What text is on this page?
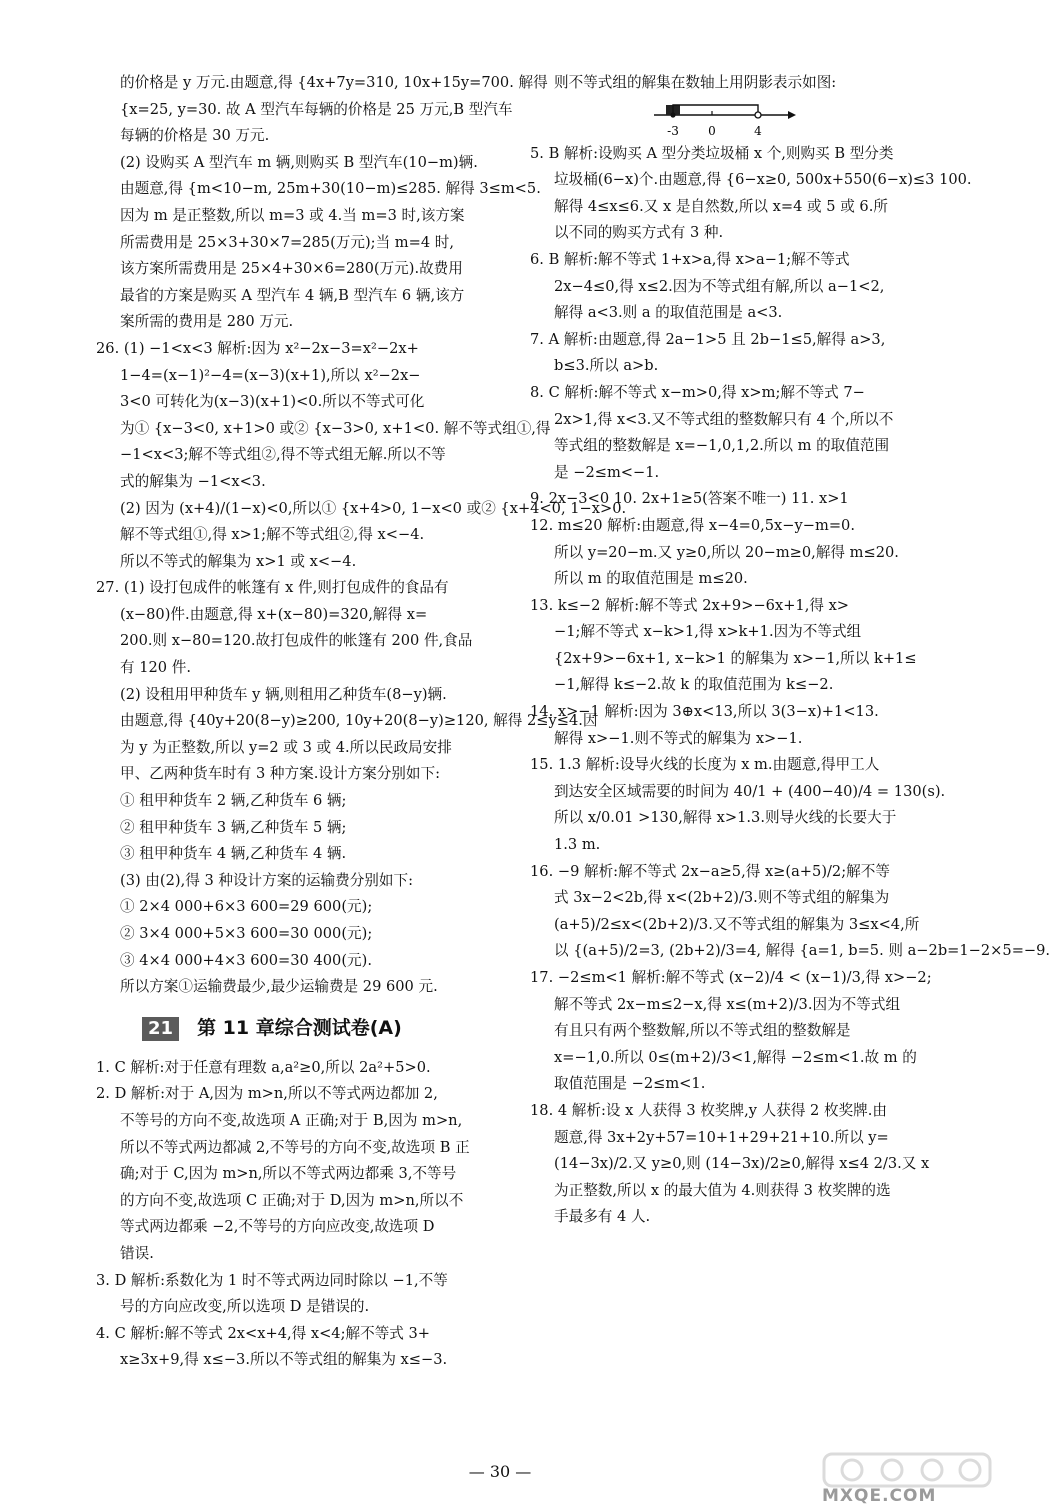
的价格是 y 万元.由题意,得 {4x+7y=310, 10x+15y=700. 解得

{x=25, y=30. 故 A 型汽车每辆的价格是 25 万元,B 型汽车

每辆的价格是 30 万元.

(2) 设购买 A 型汽车 m 辆,则购买 B 型汽车(10−m)辆.

由题意,得 {m<10−m, 25m+30(10−m)≤285. 解得 3≤m<5.

因为 m 是正整数,所以 m=3 或 4.当 m=3 时,该方案

所需费用是 25×3+30×7=285(万元);当 m=4 时,

该方案所需费用是 25×4+30×6=280(万元).故费用

最省的方案是购买 A 型汽车 4 辆,B 型汽车 6 辆,该方

案所需的费用是 280 万元.

26. (1) −1<x<3 解析:因为 x²−2x−3=x²−2x+

1−4=(x−1)²−4=(x−3)(x+1),所以 x²−2x−

3<0 可转化为(x−3)(x+1)<0.所以不等式可化

为① {x−3<0, x+1>0 或② {x−3>0, x+1<0. 解不等式组①,得

−1<x<3;解不等式组②,得不等式组无解.所以不等

式的解集为 −1<x<3.

(2) 因为 (x+4)/(1−x)<0,所以① {x+4>0, 1−x<0 或② {x+4<0, 1−x>0.

解不等式组①,得 x>1;解不等式组②,得 x<−4.

所以不等式的解集为 x>1 或 x<−4.

27. (1) 设打包成件的帐篷有 x 件,则打包成件的食品有

(x−80)件.由题意,得 x+(x−80)=320,解得 x=

200.则 x−80=120.故打包成件的帐篷有 200 件,食品

有 120 件.

(2) 设租用甲种货车 y 辆,则租用乙种货车(8−y)辆.

由题意,得 {40y+20(8−y)≥200, 10y+20(8−y)≥120, 解得 2≤y≤4.因

为 y 为正整数,所以 y=2 或 3 或 4.所以民政局安排

甲、乙两种货车时有 3 种方案.设计方案分别如下:

① 租甲种货车 2 辆,乙种货车 6 辆;

② 租甲种货车 3 辆,乙种货车 5 辆;

③ 租甲种货车 4 辆,乙种货车 4 辆.

(3) 由(2),得 3 种设计方案的运输费分别如下:

① 2×4 000+6×3 600=29 600(元);

② 3×4 000+5×3 600=30 000(元);

③ 4×4 000+4×3 600=30 400(元).

所以方案①运输费最少,最少运输费是 29 600 元.

21 第 11 章综合测试卷(A)

1. C 解析:对于任意有理数 a,a²≥0,所以 2a²+5>0.

2. D 解析:对于 A,因为 m>n,所以不等式两边都加 2,

不等号的方向不变,故选项 A 正确;对于 B,因为 m>n,

所以不等式两边都减 2,不等号的方向不变,故选项 B 正

确;对于 C,因为 m>n,所以不等式两边都乘 3,不等号

的方向不变,故选项 C 正确;对于 D,因为 m>n,所以不

等式两边都乘 −2,不等号的方向应改变,故选项 D

错误.

3. D 解析:系数化为 1 时不等式两边同时除以 −1,不等

号的方向应改变,所以选项 D 是错误的.

4. C 解析:解不等式 2x<x+4,得 x<4;解不等式 3+

x≥3x+9,得 x≤−3.所以不等式组的解集为 x≤−3.

则不等式组的解集在数轴上用阴影表示如图:

-3 0	4

5. B 解析:设购买 A 型分类垃圾桶 x 个,则购买 B 型分类

垃圾桶(6−x)个.由题意,得 {6−x≥0, 500x+550(6−x)≤3 100.

解得 4≤x≤6.又 x 是自然数,所以 x=4 或 5 或 6.所

以不同的购买方式有 3 种.

6. B 解析:解不等式 1+x>a,得 x>a−1;解不等式

2x−4≤0,得 x≤2.因为不等式组有解,所以 a−1<2,

解得 a<3.则 a 的取值范围是 a<3.

7. A 解析:由题意,得 2a−1>5 且 2b−1≤5,解得 a>3,

b≤3.所以 a>b.

8. C 解析:解不等式 x−m>0,得 x>m;解不等式 7−

2x>1,得 x<3.又不等式组的整数解只有 4 个,所以不

等式组的整数解是 x=−1,0,1,2.所以 m 的取值范围

是 −2≤m<−1.

9. 2x−3<0 10. 2x+1≥5(答案不唯一) 11. x>1

12. m≤20 解析:由题意,得 x−4=0,5x−y−m=0.

所以 y=20−m.又 y≥0,所以 20−m≥0,解得 m≤20.

所以 m 的取值范围是 m≤20.

13. k≤−2 解析:解不等式 2x+9>−6x+1,得 x>

−1;解不等式 x−k>1,得 x>k+1.因为不等式组

{2x+9>−6x+1, x−k>1 的解集为 x>−1,所以 k+1≤

−1,解得 k≤−2.故 k 的取值范围为 k≤−2.

14. x>−1 解析:因为 3⊕x<13,所以 3(3−x)+1<13.

解得 x>−1.则不等式的解集为 x>−1.

15. 1.3 解析:设导火线的长度为 x m.由题意,得甲工人

到达安全区域需要的时间为 40/1 + (400−40)/4 = 130(s).

所以 x/0.01 >130,解得 x>1.3.则导火线的长要大于

1.3 m.

16. −9 解析:解不等式 2x−a≥5,得 x≥(a+5)/2;解不等

式 3x−2<2b,得 x<(2b+2)/3.则不等式组的解集为

(a+5)/2≤x<(2b+2)/3.又不等式组的解集为 3≤x<4,所

以 {(a+5)/2=3, (2b+2)/3=4, 解得 {a=1, b=5. 则 a−2b=1−2×5=−9.

17. −2≤m<1 解析:解不等式 (x−2)/4 < (x−1)/3,得 x>−2;

解不等式 2x−m≤2−x,得 x≤(m+2)/3.因为不等式组

有且只有两个整数解,所以不等式组的整数解是

x=−1,0.所以 0≤(m+2)/3<1,解得 −2≤m<1.故 m 的

取值范围是 −2≤m<1.

18. 4 解析:设 x 人获得 3 枚奖牌,y 人获得 2 枚奖牌.由

题意,得 3x+2y+57=10+1+29+21+10.所以 y=

(14−3x)/2.又 y≥0,则 (14−3x)/2≥0,解得 x≤4 2/3.又 x

为正整数,所以 x 的最大值为 4.则获得 3 枚奖牌的选

手最多有 4 人.

— 30 —
MXQE.COM
